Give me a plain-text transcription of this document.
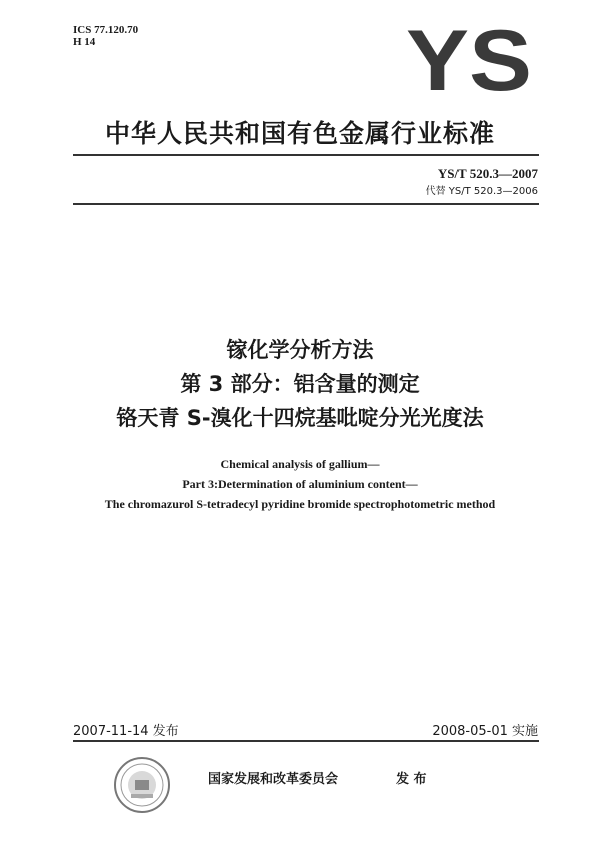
ICS 77.120.70
H 14	YS
中华人民共和国有色金属行业标准
YS/T 520.3—2007
代替 YS/T 520.3—2006
镓化学分析方法
第 3 部分：铝含量的测定
铬天青 S-溴化十四烷基吡啶分光光度法
Chemical analysis of gallium—
Part 3:Determination of aluminium content—
The chromazurol S-tetradecyl pyridine bromide spectrophotometric method
2007-11-14 发布	2008-05-01 实施
国家发展和改革委员会	发 布
